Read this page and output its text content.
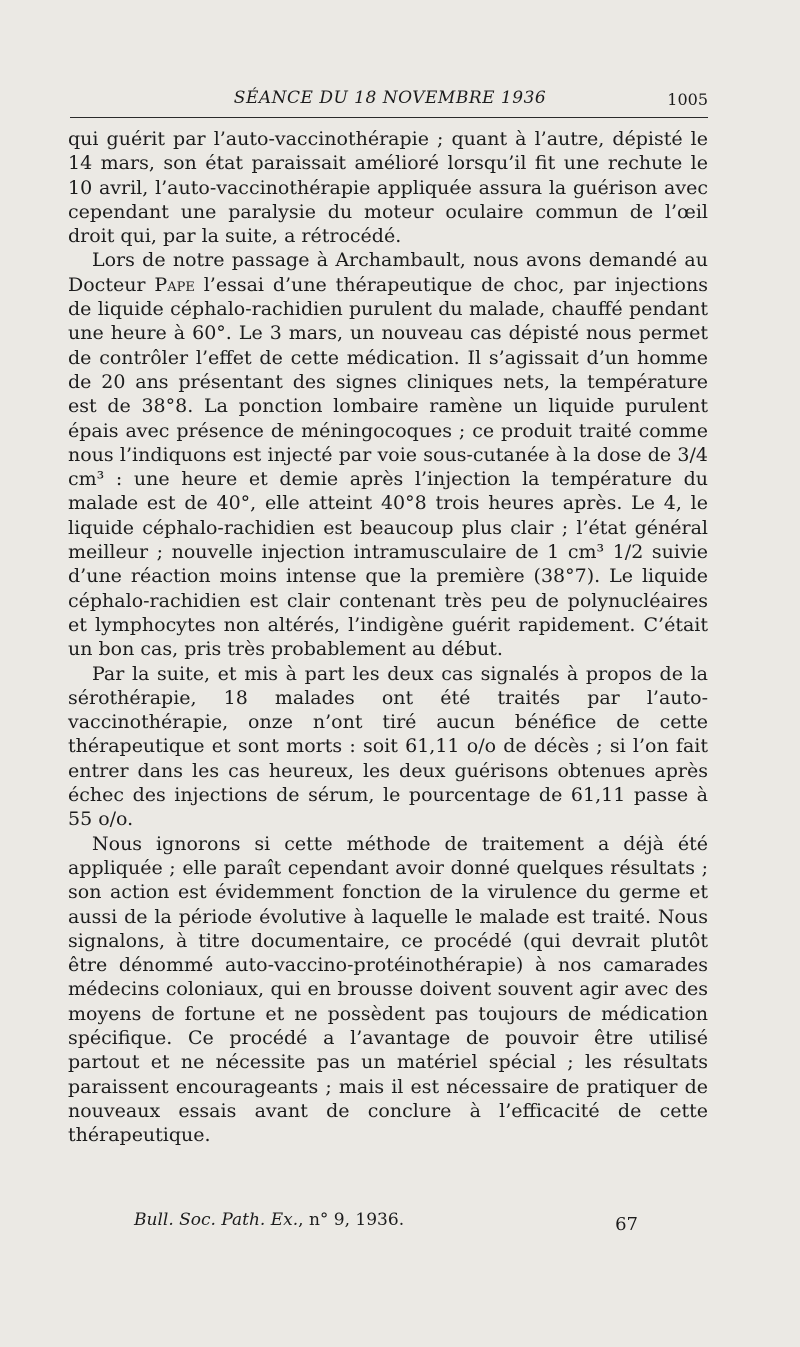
SÉANCE DU 18 NOVEMBRE 1936	1005

qui guérit par l’auto-vaccinothérapie ; quant à l’autre, dépisté le 14 mars, son état paraissait amélioré lorsqu’il fit une rechute le 10 avril, l’auto-vaccinothérapie appliquée assura la guérison avec cependant une paralysie du moteur oculaire commun de l’œil droit qui, par la suite, a rétrocédé.

Lors de notre passage à Archambault, nous avons demandé au Docteur Pape l’essai d’une thérapeutique de choc, par injections de liquide céphalo-rachidien purulent du malade, chauffé pendant une heure à 60°. Le 3 mars, un nouveau cas dépisté nous permet de contrôler l’effet de cette médication. Il s’agissait d’un homme de 20 ans présentant des signes cliniques nets, la température est de 38°8. La ponction lombaire ramène un liquide purulent épais avec présence de méningocoques ; ce produit traité comme nous l’indiquons est injecté par voie sous-cutanée à la dose de 3/4 cm³ : une heure et demie après l’injection la température du malade est de 40°, elle atteint 40°8 trois heures après. Le 4, le liquide céphalo-rachidien est beaucoup plus clair ; l’état général meilleur ; nouvelle injection intramusculaire de 1 cm³ 1/2 suivie d’une réaction moins intense que la première (38°7). Le liquide céphalo-rachidien est clair contenant très peu de polynucléaires et lymphocytes non altérés, l’indigène guérit rapidement. C’était un bon cas, pris très probablement au début.

Par la suite, et mis à part les deux cas signalés à propos de la sérothérapie, 18 malades ont été traités par l’auto-vaccinothérapie, onze n’ont tiré aucun bénéfice de cette thérapeutique et sont morts : soit 61,11 o/o de décès ; si l’on fait entrer dans les cas heureux, les deux guérisons obtenues après échec des injections de sérum, le pourcentage de 61,11 passe à 55 o/o.

Nous ignorons si cette méthode de traitement a déjà été appliquée ; elle paraît cependant avoir donné quelques résultats ; son action est évidemment fonction de la virulence du germe et aussi de la période évolutive à laquelle le malade est traité. Nous signalons, à titre documentaire, ce procédé (qui devrait plutôt être dénommé auto-vaccino-protéinothérapie) à nos camarades médecins coloniaux, qui en brousse doivent souvent agir avec des moyens de fortune et ne possèdent pas toujours de médication spécifique. Ce procédé a l’avantage de pouvoir être utilisé partout et ne nécessite pas un matériel spécial ; les résultats paraissent encourageants ; mais il est nécessaire de pratiquer de nouveaux essais avant de conclure à l’efficacité de cette thérapeutique.

Bull. Soc. Path. Ex., n° 9, 1936.	67
